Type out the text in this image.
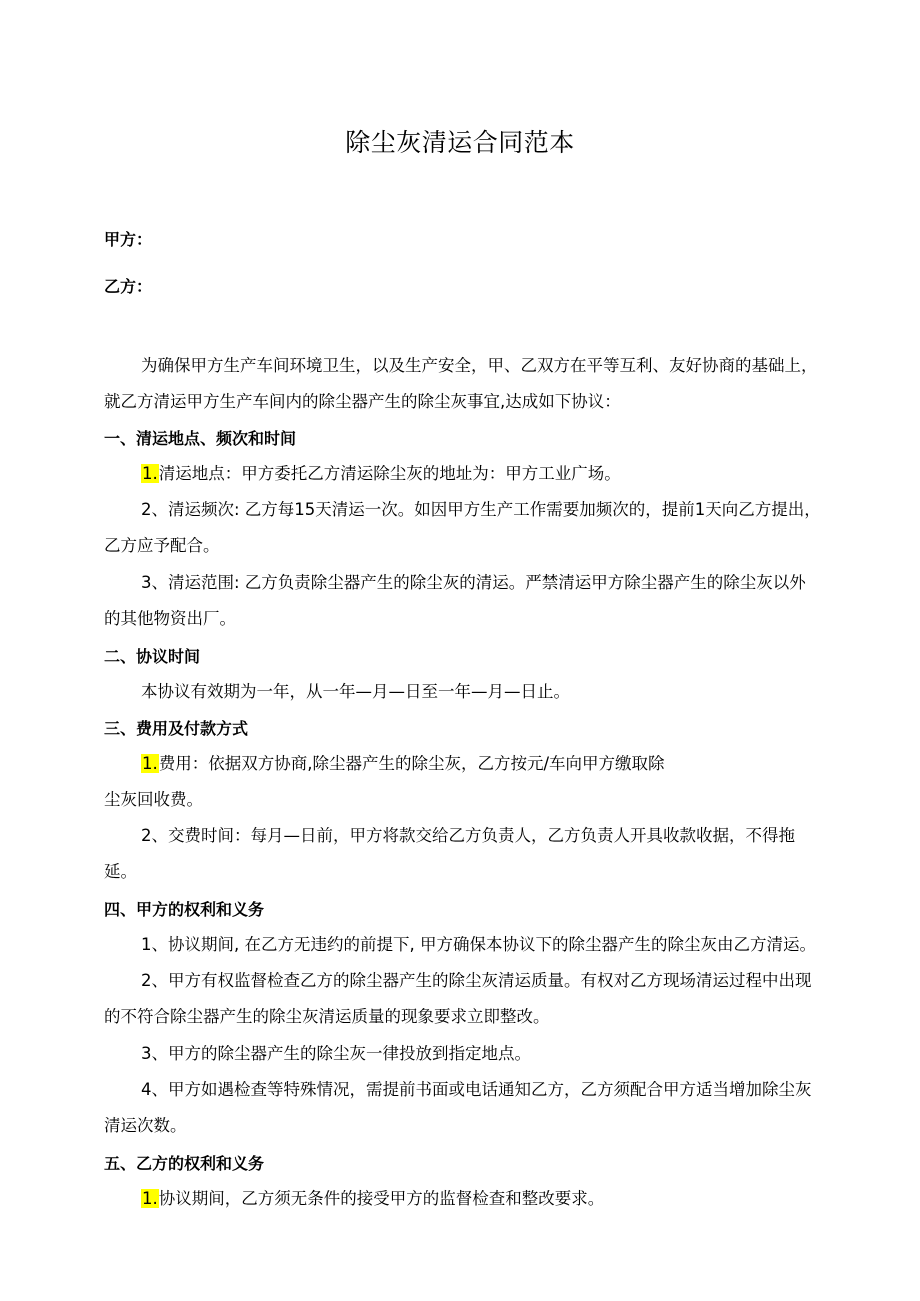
除尘灰清运合同范本
甲方：
乙方：
为确保甲方生产车间环境卫生，以及生产安全，甲、乙双方在平等互利、友好协商的基础上，
就乙方清运甲方生产车间内的除尘器产生的除尘灰事宜,达成如下协议：
一、清运地点、频次和时间
1.清运地点：甲方委托乙方清运除尘灰的地址为：甲方工业广场。
2、清运频次: 乙方每15天清运一次。如因甲方生产工作需要加频次的，提前1天向乙方提出，
乙方应予配合。
3、清运范围: 乙方负责除尘器产生的除尘灰的清运。严禁清运甲方除尘器产生的除尘灰以外
的其他物资出厂。
二、协议时间
本协议有效期为一年，从一年—月—日至一年—月—日止。
三、费用及付款方式
1.费用：依据双方协商,除尘器产生的除尘灰，乙方按元/车向甲方缴取除
尘灰回收费。
2、交费时间：每月—日前，甲方将款交给乙方负责人，乙方负责人开具收款收据，不得拖
延。
四、甲方的权利和义务
1、协议期间, 在乙方无违约的前提下, 甲方确保本协议下的除尘器产生的除尘灰由乙方清运。
2、甲方有权监督检查乙方的除尘器产生的除尘灰清运质量。有权对乙方现场清运过程中出现
的不符合除尘器产生的除尘灰清运质量的现象要求立即整改。
3、甲方的除尘器产生的除尘灰一律投放到指定地点。
4、甲方如遇检查等特殊情况，需提前书面或电话通知乙方，乙方须配合甲方适当增加除尘灰
清运次数。
五、乙方的权利和义务
1.协议期间，乙方须无条件的接受甲方的监督检查和整改要求。
